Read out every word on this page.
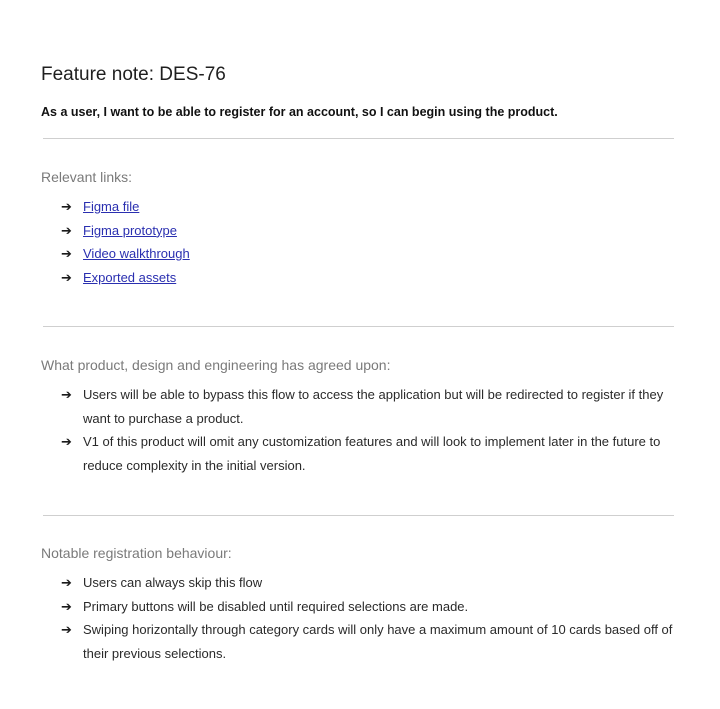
Feature note: DES-76

As a user, I want to be able to register for an account, so I can begin using the product.

Relevant links:
➔ Figma file
➔ Figma prototype
➔ Video walkthrough
➔ Exported assets
What product, design and engineering has agreed upon:
➔ Users will be able to bypass this flow to access the application but will be redirected to register if they want to purchase a product.
➔ V1 of this product will omit any customization features and will look to implement later in the future to reduce complexity in the initial version.
Notable registration behaviour:
➔ Users can always skip this flow
➔ Primary buttons will be disabled until required selections are made.
➔ Swiping horizontally through category cards will only have a maximum amount of 10 cards based off of their previous selections.
